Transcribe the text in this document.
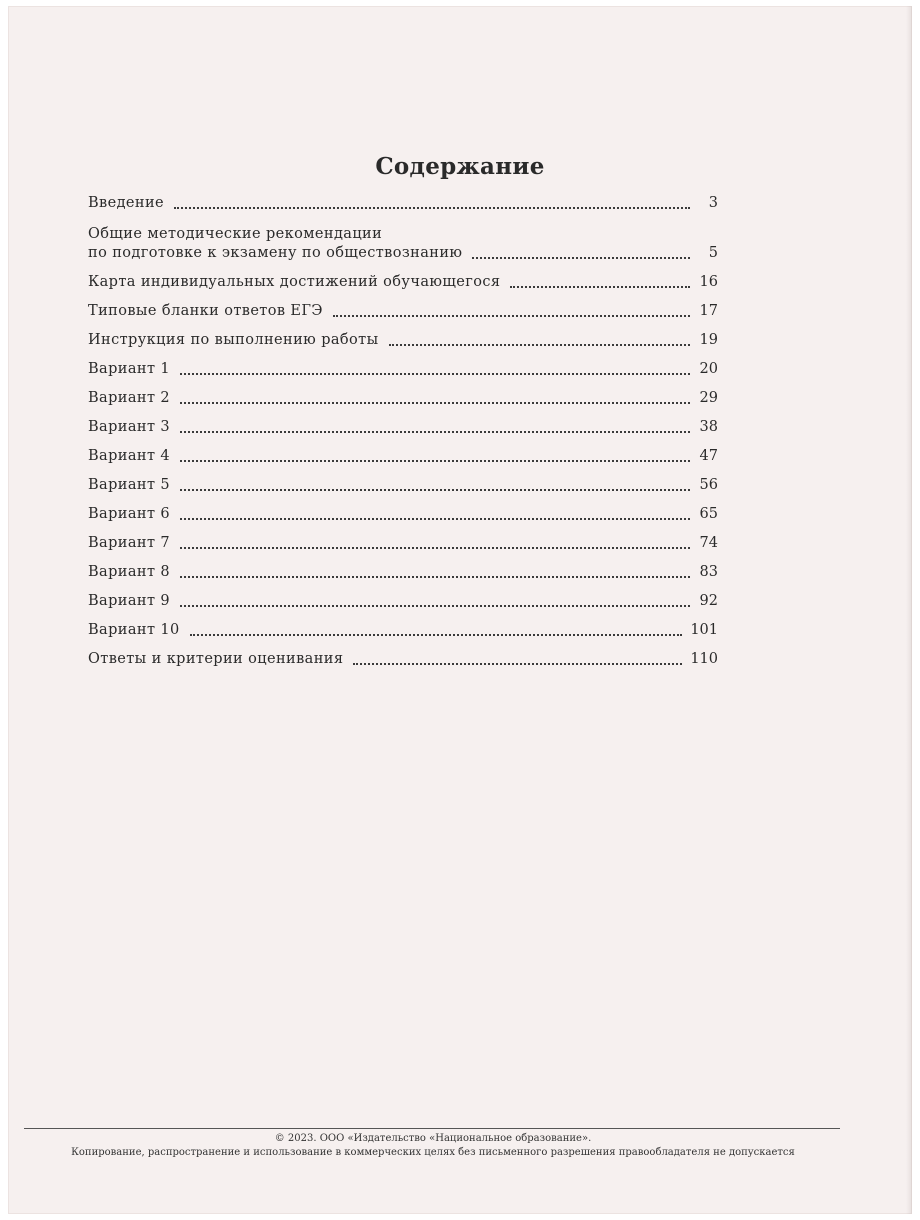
Содержание
Введение	3
Общие методические рекомендации
по подготовке к экзамену по обществознанию	5
Карта индивидуальных достижений обучающегося	16
Типовые бланки ответов ЕГЭ	17
Инструкция по выполнению работы	19
Вариант 1	20
Вариант 2	29
Вариант 3	38
Вариант 4	47
Вариант 5	56
Вариант 6	65
Вариант 7	74
Вариант 8	83
Вариант 9	92
Вариант 10	101
Ответы и критерии оценивания	110
© 2023. ООО «Издательство «Национальное образование».
Копирование, распространение и использование в коммерческих целях без письменного разрешения правообладателя не допускается
